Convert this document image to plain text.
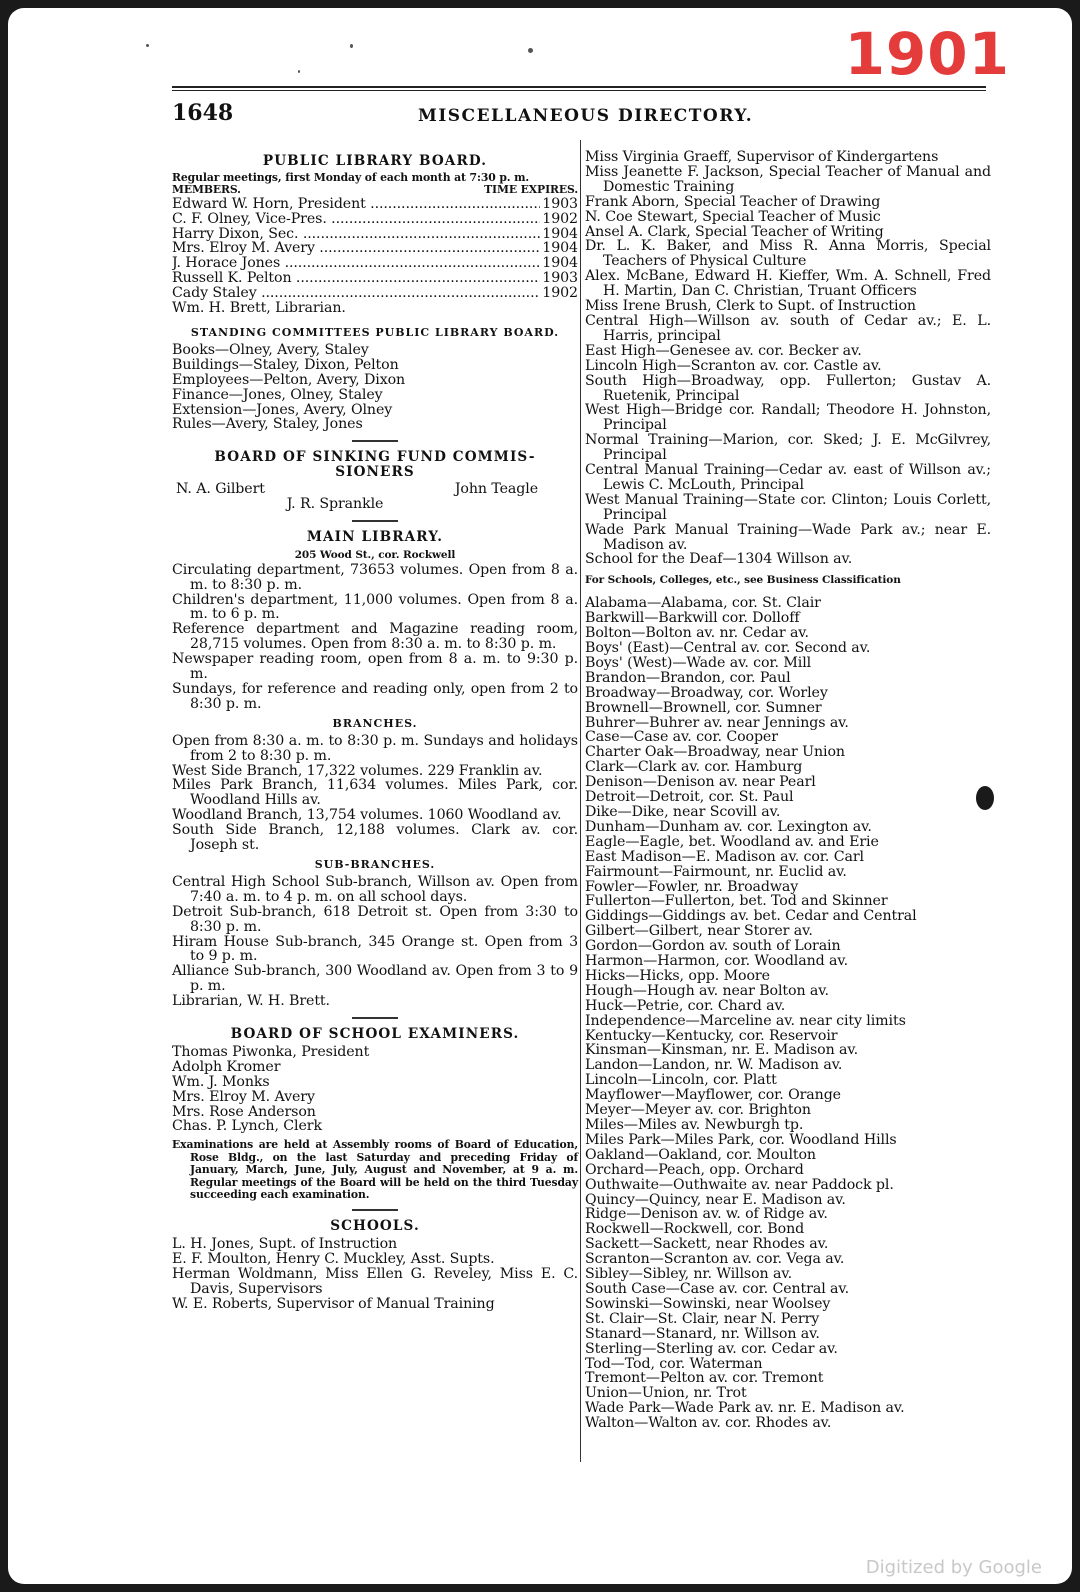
1901
1648	MISCELLANEOUS DIRECTORY.
PUBLIC LIBRARY BOARD.
Regular meetings, first Monday of each month at 7:30 p. m.
MEMBERS.	TIME EXPIRES.
Edward W. Horn, President .....	1903
C. F. Olney, Vice-Pres. .....	1902
Harry Dixon, Sec. .....	1904
Mrs. Elroy M. Avery .....	1904
J. Horace Jones .....	1904
Russell K. Pelton .....	1903
Cady Staley .....	1902
Wm. H. Brett, Librarian.
STANDING COMMITTEES PUBLIC LIBRARY BOARD.
Books—Olney, Avery, Staley
Buildings—Staley, Dixon, Pelton
Employees—Pelton, Avery, Dixon
Finance—Jones, Olney, Staley
Extension—Jones, Avery, Olney
Rules—Avery, Staley, Jones
BOARD OF SINKING FUND COMMIS-SIONERS
N. A. Gilbert	John Teagle
J. R. Sprankle
MAIN LIBRARY.
205 Wood St., cor. Rockwell
Circulating department, 73653 volumes. Open from 8 a. m. to 8:30 p. m.
Children's department, 11,000 volumes. Open from 8 a. m. to 6 p. m.
Reference department and Magazine reading room, 28,715 volumes. Open from 8:30 a. m. to 8:30 p. m.
Newspaper reading room, open from 8 a. m. to 9:30 p. m.
Sundays, for reference and reading only, open from 2 to 8:30 p. m.
BRANCHES.
Open from 8:30 a. m. to 8:30 p. m. Sundays and holidays from 2 to 8:30 p. m.
West Side Branch, 17,322 volumes. 229 Franklin av.
Miles Park Branch, 11,634 volumes. Miles Park, cor. Woodland Hills av.
Woodland Branch, 13,754 volumes. 1060 Woodland av.
South Side Branch, 12,188 volumes. Clark av. cor. Joseph st.
SUB-BRANCHES.
Central High School Sub-branch, Willson av. Open from 7:40 a. m. to 4 p. m. on all school days.
Detroit Sub-branch, 618 Detroit st. Open from 3:30 to 8:30 p. m.
Hiram House Sub-branch, 345 Orange st. Open from 3 to 9 p. m.
Alliance Sub-branch, 300 Woodland av. Open from 3 to 9 p. m.
Librarian, W. H. Brett.
BOARD OF SCHOOL EXAMINERS.
Thomas Piwonka, President
Adolph Kromer
Wm. J. Monks
Mrs. Elroy M. Avery
Mrs. Rose Anderson
Chas. P. Lynch, Clerk
Examinations are held at Assembly rooms of Board of Education, Rose Bldg., on the last Saturday and preceding Friday of January, March, June, July, August and November, at 9 a. m. Regular meetings of the Board will be held on the third Tuesday succeeding each examination.
SCHOOLS.
L. H. Jones, Supt. of Instruction
E. F. Moulton, Henry C. Muckley, Asst. Supts.
Herman Woldmann, Miss Ellen G. Reveley, Miss E. C. Davis, Supervisors
W. E. Roberts, Supervisor of Manual Training
Miss Virginia Graeff, Supervisor of Kindergartens
Miss Jeanette F. Jackson, Special Teacher of Manual and Domestic Training
Frank Aborn, Special Teacher of Drawing
N. Coe Stewart, Special Teacher of Music
Ansel A. Clark, Special Teacher of Writing
Dr. L. K. Baker, and Miss R. Anna Morris, Special Teachers of Physical Culture
Alex. McBane, Edward H. Kieffer, Wm. A. Schnell, Fred H. Martin, Dan C. Christian, Truant Officers
Miss Irene Brush, Clerk to Supt. of Instruction
Central High—Willson av. south of Cedar av.; E. L. Harris, principal
East High—Genesee av. cor. Becker av.
Lincoln High—Scranton av. cor. Castle av.
South High—Broadway, opp. Fullerton; Gustav A. Ruetenik, Principal
West High—Bridge cor. Randall; Theodore H. Johnston, Principal
Normal Training—Marion, cor. Sked; J. E. McGilvrey, Principal
Central Manual Training—Cedar av. east of Willson av.; Lewis C. McLouth, Principal
West Manual Training—State cor. Clinton; Louis Corlett, Principal
Wade Park Manual Training—Wade Park av.; near E. Madison av.
School for the Deaf—1304 Willson av.
For Schools, Colleges, etc., see Business Classification
Alabama—Alabama, cor. St. Clair
Barkwill—Barkwill cor. Dolloff
Bolton—Bolton av. nr. Cedar av.
Boys' (East)—Central av. cor. Second av.
Boys' (West)—Wade av. cor. Mill
Brandon—Brandon, cor. Paul
Broadway—Broadway, cor. Worley
Brownell—Brownell, cor. Sumner
Buhrer—Buhrer av. near Jennings av.
Case—Case av. cor. Cooper
Charter Oak—Broadway, near Union
Clark—Clark av. cor. Hamburg
Denison—Denison av. near Pearl
Detroit—Detroit, cor. St. Paul
Dike—Dike, near Scovill av.
Dunham—Dunham av. cor. Lexington av.
Eagle—Eagle, bet. Woodland av. and Erie
East Madison—E. Madison av. cor. Carl
Fairmount—Fairmount, nr. Euclid av.
Fowler—Fowler, nr. Broadway
Fullerton—Fullerton, bet. Tod and Skinner
Giddings—Giddings av. bet. Cedar and Central
Gilbert—Gilbert, near Storer av.
Gordon—Gordon av. south of Lorain
Harmon—Harmon, cor. Woodland av.
Hicks—Hicks, opp. Moore
Hough—Hough av. near Bolton av.
Huck—Petrie, cor. Chard av.
Independence—Marceline av. near city limits
Kentucky—Kentucky, cor. Reservoir
Kinsman—Kinsman, nr. E. Madison av.
Landon—Landon, nr. W. Madison av.
Lincoln—Lincoln, cor. Platt
Mayflower—Mayflower, cor. Orange
Meyer—Meyer av. cor. Brighton
Miles—Miles av. Newburgh tp.
Miles Park—Miles Park, cor. Woodland Hills
Oakland—Oakland, cor. Moulton
Orchard—Peach, opp. Orchard
Outhwaite—Outhwaite av. near Paddock pl.
Quincy—Quincy, near E. Madison av.
Ridge—Denison av. w. of Ridge av.
Rockwell—Rockwell, cor. Bond
Sackett—Sackett, near Rhodes av.
Scranton—Scranton av. cor. Vega av.
Sibley—Sibley, nr. Willson av.
South Case—Case av. cor. Central av.
Sowinski—Sowinski, near Woolsey
St. Clair—St. Clair, near N. Perry
Stanard—Stanard, nr. Willson av.
Sterling—Sterling av. cor. Cedar av.
Tod—Tod, cor. Waterman
Tremont—Pelton av. cor. Tremont
Union—Union, nr. Trot
Wade Park—Wade Park av. nr. E. Madison av.
Walton—Walton av. cor. Rhodes av.
Digitized by Google
